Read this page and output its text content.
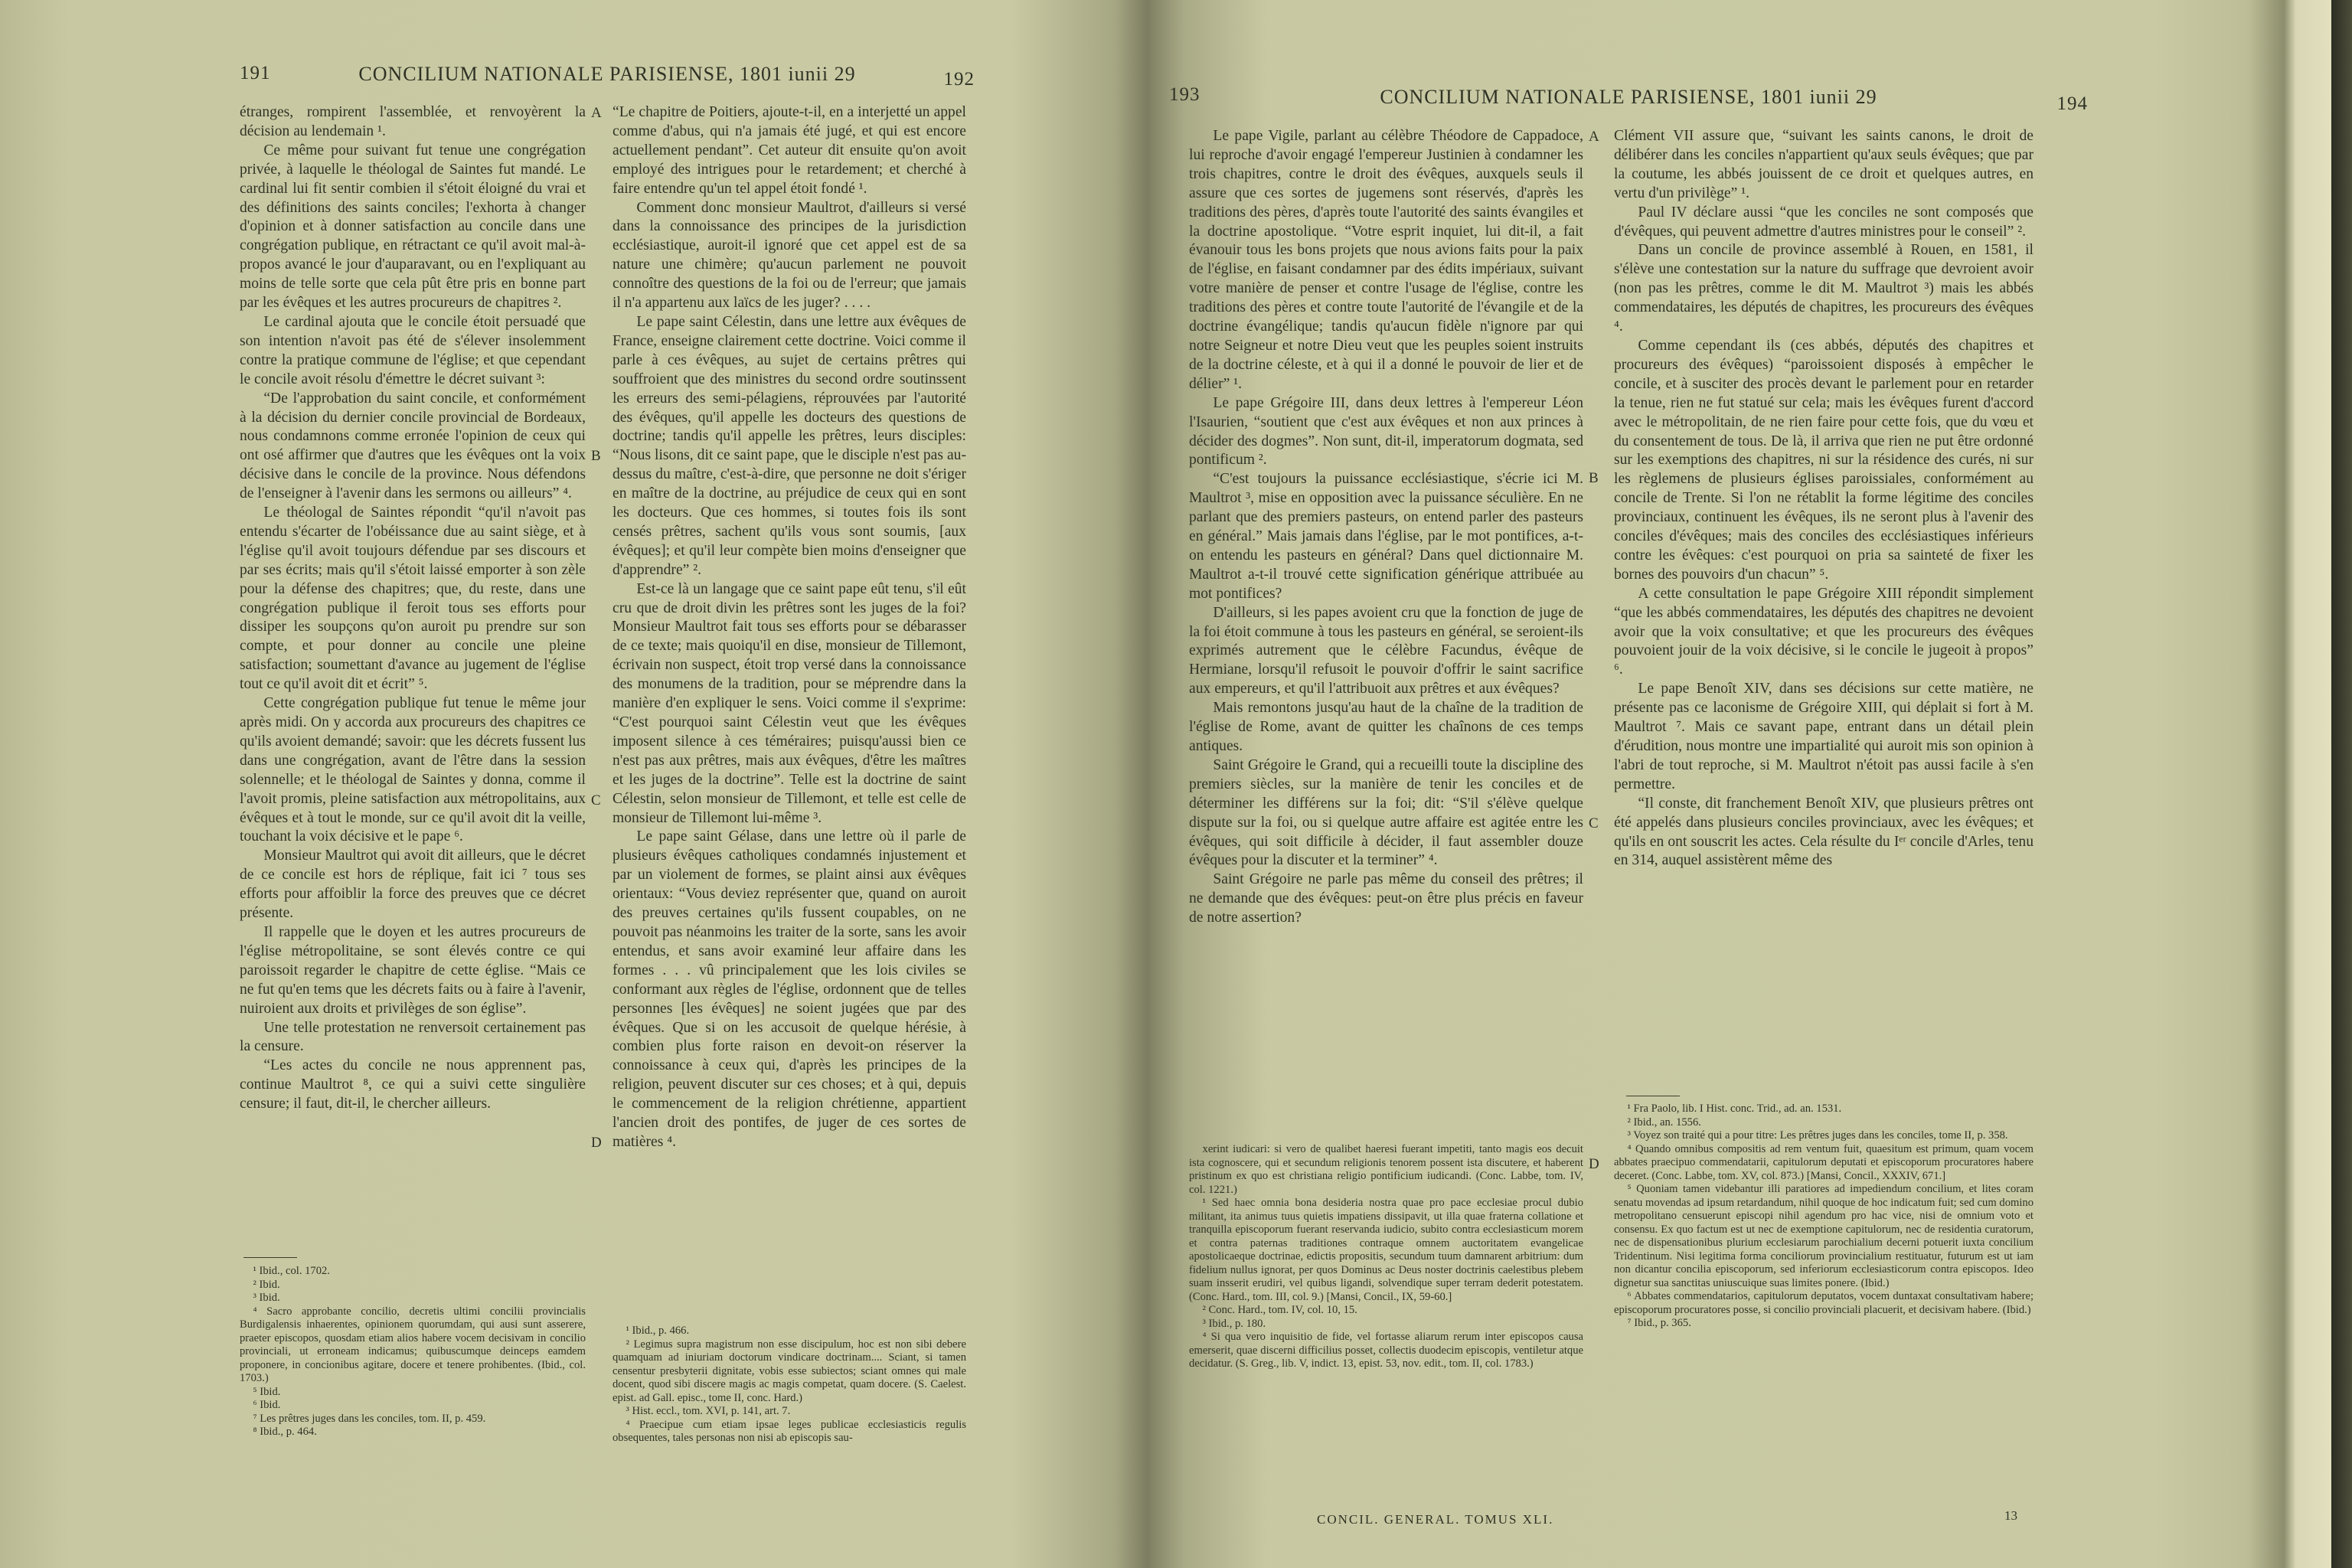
191	CONCILIUM NATIONALE PARISIENSE, 1801 iunii 29	192

étranges, rompirent l'assemblée, et renvoyèrent la décision au lendemain ¹.

Ce même pour suivant fut tenue une congrégation privée, à laquelle le théologal de Saintes fut mandé. Le cardinal lui fit sentir combien il s'étoit éloigné du vrai et des définitions des saints conciles; l'exhorta à changer d'opinion et à donner satisfaction au concile dans une congrégation publique, en rétractant ce qu'il avoit mal-à-propos avancé le jour d'auparavant, ou en l'expliquant au moins de telle sorte que cela pût être pris en bonne part par les évêques et les autres procureurs de chapitres ².

Le cardinal ajouta que le concile étoit persuadé que son intention n'avoit pas été de s'élever insolemment contre la pratique commune de l'église; et que cependant le concile avoit résolu d'émettre le décret suivant ³:

“De l'approbation du saint concile, et conformément à la décision du dernier concile provincial de Bordeaux, nous condamnons comme erronée l'opinion de ceux qui ont osé affirmer que d'autres que les évêques ont la voix décisive dans le concile de la province. Nous défendons de l'enseigner à l'avenir dans les sermons ou ailleurs” ⁴.

Le théologal de Saintes répondit “qu'il n'avoit pas entendu s'écarter de l'obéissance due au saint siège, et à l'église qu'il avoit toujours défendue par ses discours et par ses écrits; mais qu'il s'étoit laissé emporter à son zèle pour la défense des chapitres; que, du reste, dans une congrégation publique il feroit tous ses efforts pour dissiper les soupçons qu'on auroit pu prendre sur son compte, et pour donner au concile une pleine satisfaction; soumettant d'avance au jugement de l'église tout ce qu'il avoit dit et écrit” ⁵.

Cette congrégation publique fut tenue le même jour après midi. On y accorda aux procureurs des chapitres ce qu'ils avoient demandé; savoir: que les décrets fussent lus dans une congrégation, avant de l'être dans la session solennelle; et le théologal de Saintes y donna, comme il l'avoit promis, pleine satisfaction aux métropolitains, aux évêques et à tout le monde, sur ce qu'il avoit dit la veille, touchant la voix décisive et le pape ⁶.

Monsieur Maultrot qui avoit dit ailleurs, que le décret de ce concile est hors de réplique, fait ici ⁷ tous ses efforts pour affoiblir la force des preuves que ce décret présente.

Il rappelle que le doyen et les autres procureurs de l'église métropolitaine, se sont élevés contre ce qui paroissoit regarder le chapitre de cette église. “Mais ce ne fut qu'en tems que les décrets faits ou à faire à l'avenir, nuiroient aux droits et privilèges de son église”.

Une telle protestation ne renversoit certainement pas la censure.

“Les actes du concile ne nous apprennent pas, continue Maultrot ⁸, ce qui a suivi cette singulière censure; il faut, dit-il, le chercher ailleurs.

“Le chapitre de Poitiers, ajoute-t-il, en a interjetté un appel comme d'abus, qui n'a jamais été jugé, et qui est encore actuellement pendant”. Cet auteur dit ensuite qu'on avoit employé des intrigues pour le retardement; et cherché à faire entendre qu'un tel appel étoit fondé ¹.

Comment donc monsieur Maultrot, d'ailleurs si versé dans la connoissance des principes de la jurisdiction ecclésiastique, auroit-il ignoré que cet appel est de sa nature une chimère; qu'aucun parlement ne pouvoit connoître des questions de la foi ou de l'erreur; que jamais il n'a appartenu aux laïcs de les juger? . . . .

Le pape saint Célestin, dans une lettre aux évêques de France, enseigne clairement cette doctrine. Voici comme il parle à ces évêques, au sujet de certains prêtres qui souffroient que des ministres du second ordre soutinssent les erreurs des semi-pélagiens, réprouvées par l'autorité des évêques, qu'il appelle les docteurs des questions de doctrine; tandis qu'il appelle les prêtres, leurs disciples: “Nous lisons, dit ce saint pape, que le disciple n'est pas au-dessus du maître, c'est-à-dire, que personne ne doit s'ériger en maître de la doctrine, au préjudice de ceux qui en sont les docteurs. Que ces hommes, si toutes fois ils sont censés prêtres, sachent qu'ils vous sont soumis, [aux évêques]; et qu'il leur compète bien moins d'enseigner que d'apprendre” ².

Est-ce là un langage que ce saint pape eût tenu, s'il eût cru que de droit divin les prêtres sont les juges de la foi? Monsieur Maultrot fait tous ses efforts pour se débarasser de ce texte; mais quoiqu'il en dise, monsieur de Tillemont, écrivain non suspect, étoit trop versé dans la connoissance des monumens de la tradition, pour se méprendre dans la manière d'en expliquer le sens. Voici comme il s'exprime: “C'est pourquoi saint Célestin veut que les évêques imposent silence à ces téméraires; puisqu'aussi bien ce n'est pas aux prêtres, mais aux évêques, d'être les maîtres et les juges de la doctrine”. Telle est la doctrine de saint Célestin, selon monsieur de Tillemont, et telle est celle de monsieur de Tillemont lui-même ³.

Le pape saint Gélase, dans une lettre où il parle de plusieurs évêques catholiques condamnés injustement et par un violement de formes, se plaint ainsi aux évêques orientaux: “Vous deviez représenter que, quand on auroit des preuves certaines qu'ils fussent coupables, on ne pouvoit pas néanmoins les traiter de la sorte, sans les avoir entendus, et sans avoir examiné leur affaire dans les formes . . . vû principalement que les lois civiles se conformant aux règles de l'église, ordonnent que de telles personnes [les évêques] ne soient jugées que par des évêques. Que si on les accusoit de quelque hérésie, à combien plus forte raison en devoit-on réserver la connoissance à ceux qui, d'après les principes de la religion, peuvent discuter sur ces choses; et à qui, depuis le commencement de la religion chrétienne, appartient l'ancien droit des pontifes, de juger de ces sortes de matières ⁴.

¹ Ibid., col. 1702.

² Ibid.

³ Ibid.

⁴ Sacro approbante concilio, decretis ultimi concilii provincialis Burdigalensis inhaerentes, opinionem quorumdam, qui ausi sunt asserere, praeter episcopos, quosdam etiam alios habere vocem decisivam in concilio provinciali, ut erroneam indicamus; quibuscumque deinceps eamdem proponere, in concionibus agitare, docere et tenere prohibentes. (Ibid., col. 1703.)

⁵ Ibid.

⁶ Ibid.

⁷ Les prêtres juges dans les conciles, tom. II, p. 459.

⁸ Ibid., p. 464.

¹ Ibid., p. 466.

² Legimus supra magistrum non esse discipulum, hoc est non sibi debere quamquam ad iniuriam doctorum vindicare doctrinam.... Sciant, si tamen censentur presbyterii dignitate, vobis esse subiectos; sciant omnes qui male docent, quod sibi discere magis ac magis competat, quam docere. (S. Caelest. epist. ad Gall. episc., tome II, conc. Hard.)

³ Hist. eccl., tom. XVI, p. 141, art. 7.

⁴ Praecipue cum etiam ipsae leges publicae ecclesiasticis regulis obsequentes, tales personas non nisi ab episcopis sau-

A
B
C
D
193	CONCILIUM NATIONALE PARISIENSE, 1801 iunii 29	194

Le pape Vigile, parlant au célèbre Théodore de Cappadoce, lui reproche d'avoir engagé l'empereur Justinien à condamner les trois chapitres, contre le droit des évêques, auxquels seuls il assure que ces sortes de jugemens sont réservés, d'après les traditions des pères, d'après toute l'autorité des saints évangiles et la doctrine apostolique. “Votre esprit inquiet, lui dit-il, a fait évanouir tous les bons projets que nous avions faits pour la paix de l'église, en faisant condamner par des édits impériaux, suivant votre manière de penser et contre l'usage de l'église, contre les traditions des pères et contre toute l'autorité de l'évangile et de la doctrine évangélique; tandis qu'aucun fidèle n'ignore par qui notre Seigneur et notre Dieu veut que les peuples soient instruits de la doctrine céleste, et à qui il a donné le pouvoir de lier et de délier” ¹.

Le pape Grégoire III, dans deux lettres à l'empereur Léon l'Isaurien, “soutient que c'est aux évêques et non aux princes à décider des dogmes”. Non sunt, dit-il, imperatorum dogmata, sed pontificum ².

“C'est toujours la puissance ecclésiastique, s'écrie ici M. Maultrot ³, mise en opposition avec la puissance séculière. En ne parlant que des premiers pasteurs, on entend parler des pasteurs en général.” Mais jamais dans l'église, par le mot pontifices, a-t-on entendu les pasteurs en général? Dans quel dictionnaire M. Maultrot a-t-il trouvé cette signification générique attribuée au mot pontifices?

D'ailleurs, si les papes avoient cru que la fonction de juge de la foi étoit commune à tous les pasteurs en général, se seroient-ils exprimés autrement que le célèbre Facundus, évêque de Hermiane, lorsqu'il refusoit le pouvoir d'offrir le saint sacrifice aux empereurs, et qu'il l'attribuoit aux prêtres et aux évêques?

Mais remontons jusqu'au haut de la chaîne de la tradition de l'église de Rome, avant de quitter les chaînons de ces temps antiques.

Saint Grégoire le Grand, qui a recueilli toute la discipline des premiers siècles, sur la manière de tenir les conciles et de déterminer les différens sur la foi; dit: “S'il s'élève quelque dispute sur la foi, ou si quelque autre affaire est agitée entre les évêques, qui soit difficile à décider, il faut assembler douze évêques pour la discuter et la terminer” ⁴.

Saint Grégoire ne parle pas même du conseil des prêtres; il ne demande que des évêques: peut-on être plus précis en faveur de notre assertion?

Clément VII assure que, “suivant les saints canons, le droit de délibérer dans les conciles n'appartient qu'aux seuls évêques; que par la coutume, les abbés jouissent de ce droit et quelques autres, en vertu d'un privilège” ¹.

Paul IV déclare aussi “que les conciles ne sont composés que d'évêques, qui peuvent admettre d'autres ministres pour le conseil” ².

Dans un concile de province assemblé à Rouen, en 1581, il s'élève une contestation sur la nature du suffrage que devroient avoir (non pas les prêtres, comme le dit M. Maultrot ³) mais les abbés commendataires, les députés de chapitres, les procureurs des évêques ⁴.

Comme cependant ils (ces abbés, députés des chapitres et procureurs des évêques) “paroissoient disposés à empêcher le concile, et à susciter des procès devant le parlement pour en retarder la tenue, rien ne fut statué sur cela; mais les évêques furent d'accord avec le métropolitain, de ne rien faire pour cette fois, que du vœu et du consentement de tous. De là, il arriva que rien ne put être ordonné sur les exemptions des chapitres, ni sur la résidence des curés, ni sur les règlemens de plusieurs églises paroissiales, conformément au concile de Trente. Si l'on ne rétablit la forme légitime des conciles provinciaux, continuent les évêques, ils ne seront plus à l'avenir des conciles d'évêques; mais des conciles des ecclésiastiques inférieurs contre les évêques: c'est pourquoi on pria sa sainteté de fixer les bornes des pouvoirs d'un chacun” ⁵.

A cette consultation le pape Grégoire XIII répondit simplement “que les abbés commendataires, les députés des chapitres ne devoient avoir que la voix consultative; et que les procureurs des évêques pouvoient jouir de la voix décisive, si le concile le jugeoit à propos” ⁶.

Le pape Benoît XIV, dans ses décisions sur cette matière, ne présente pas ce laconisme de Grégoire XIII, qui déplait si fort à M. Maultrot ⁷. Mais ce savant pape, entrant dans un détail plein d'érudition, nous montre une impartialité qui auroit mis son opinion à l'abri de tout reproche, si M. Maultrot n'étoit pas aussi facile à s'en permettre.

“Il conste, dit franchement Benoît XIV, que plusieurs prêtres ont été appelés dans plusieurs conciles provinciaux, avec les évêques; et qu'ils en ont souscrit les actes. Cela résulte du Iᵉʳ concile d'Arles, tenu en 314, auquel assistèrent même des

xerint iudicari: si vero de qualibet haeresi fuerant impetiti, tanto magis eos decuit ista cognoscere, qui et secundum religionis tenorem possent ista discutere, et haberent pristinum ex quo est christiana religio pontificium iudicandi. (Conc. Labbe, tom. IV, col. 1221.)

¹ Sed haec omnia bona desideria nostra quae pro pace ecclesiae procul dubio militant, ita animus tuus quietis impatiens dissipavit, ut illa quae fraterna collatione et tranquilla episcoporum fuerant reservanda iudicio, subito contra ecclesiasticum morem et contra paternas traditiones contraque omnem auctoritatem evangelicae apostolicaeque doctrinae, edictis propositis, secundum tuum damnarent arbitrium: dum fidelium nullus ignorat, per quos Dominus ac Deus noster doctrinis caelestibus plebem suam insserit erudiri, vel quibus ligandi, solvendique super terram dederit potestatem. (Conc. Hard., tom. III, col. 9.) [Mansi, Concil., IX, 59-60.]

² Conc. Hard., tom. IV, col. 10, 15.

³ Ibid., p. 180.

⁴ Si qua vero inquisitio de fide, vel fortasse aliarum rerum inter episcopos causa emerserit, quae discerni difficilius posset, collectis duodecim episcopis, ventiletur atque decidatur. (S. Greg., lib. V, indict. 13, epist. 53, nov. edit., tom. II, col. 1783.)

¹ Fra Paolo, lib. I Hist. conc. Trid., ad. an. 1531.

² Ibid., an. 1556.

³ Voyez son traité qui a pour titre: Les prêtres juges dans les conciles, tome II, p. 358.

⁴ Quando omnibus compositis ad rem ventum fuit, quaesitum est primum, quam vocem abbates praecipuo commendatarii, capitulorum deputati et episcoporum procuratores habere deceret. (Conc. Labbe, tom. XV, col. 873.) [Mansi, Concil., XXXIV, 671.]

⁵ Quoniam tamen videbantur illi paratiores ad impediendum concilium, et lites coram senatu movendas ad ipsum retardandum, nihil quoque de hoc indicatum fuit; sed cum domino metropolitano censuerunt episcopi nihil agendum pro hac vice, nisi de omnium voto et consensu. Ex quo factum est ut nec de exemptione capitulorum, nec de residentia curatorum, nec de dispensationibus plurium ecclesiarum parochialium decerni potuerit iuxta concilium Tridentinum. Nisi legitima forma conciliorum provincialium restituatur, futurum est ut iam non dicantur concilia episcoporum, sed inferiorum ecclesiasticorum contra episcopos. Ideo dignetur sua sanctitas uniuscuique suas limites ponere. (Ibid.)

⁶ Abbates commendatarios, capitulorum deputatos, vocem duntaxat consultativam habere; episcoporum procuratores posse, si concilio provinciali placuerit, et decisivam habere. (Ibid.)

⁷ Ibid., p. 365.

A
B
C
D
CONCIL. GENERAL. TOMUS XLI.	13
